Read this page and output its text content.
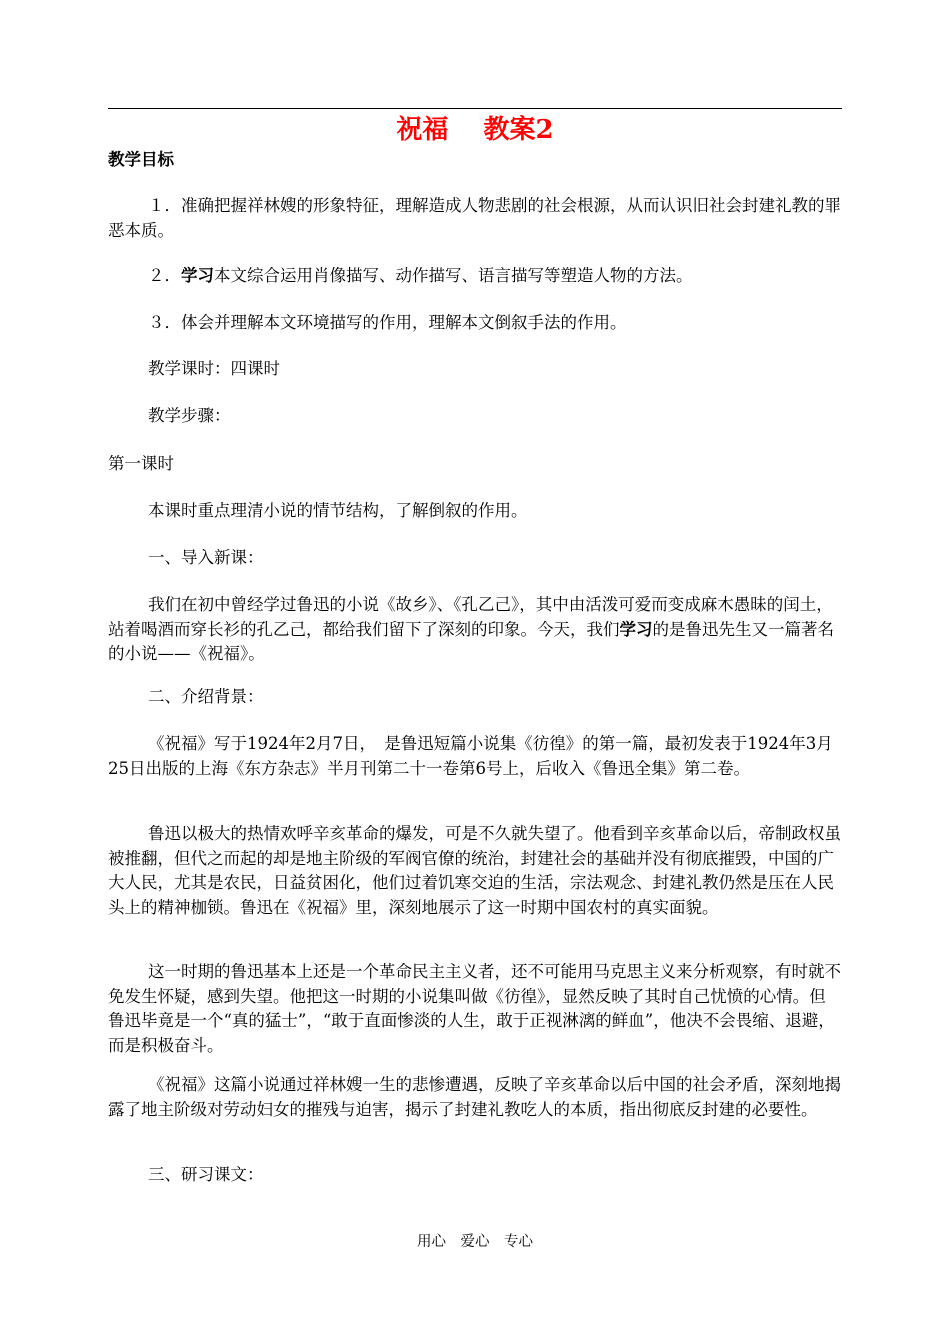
祝福　 教案2
教学目标
１．准确把握祥林嫂的形象特征，理解造成人物悲剧的社会根源，从而认识旧社会封建礼教的罪恶本质。
２．学习本文综合运用肖像描写、动作描写、语言描写等塑造人物的方法。
３．体会并理解本文环境描写的作用，理解本文倒叙手法的作用。
教学课时：四课时
教学步骤：
第一课时
本课时重点理清小说的情节结构，了解倒叙的作用。
一、导入新课：
我们在初中曾经学过鲁迅的小说《故乡》、《孔乙己》，其中由活泼可爱而变成麻木愚昧的闰土，站着喝酒而穿长衫的孔乙己，都给我们留下了深刻的印象。今天，我们学习的是鲁迅先生又一篇著名的小说——《祝福》。
二、介绍背景：
《祝福》写于1924年2月7日，　是鲁迅短篇小说集《彷徨》的第一篇，最初发表于1924年3月25日出版的上海《东方杂志》半月刊第二十一卷第6号上，后收入《鲁迅全集》第二卷。
鲁迅以极大的热情欢呼辛亥革命的爆发，可是不久就失望了。他看到辛亥革命以后，帝制政权虽被推翻，但代之而起的却是地主阶级的军阀官僚的统治，封建社会的基础并没有彻底摧毁，中国的广大人民，尤其是农民，日益贫困化，他们过着饥寒交迫的生活，宗法观念、封建礼教仍然是压在人民头上的精神枷锁。鲁迅在《祝福》里，深刻地展示了这一时期中国农村的真实面貌。
这一时期的鲁迅基本上还是一个革命民主主义者，还不可能用马克思主义来分析观察，有时就不免发生怀疑，感到失望。他把这一时期的小说集叫做《彷徨》，显然反映了其时自己忧愤的心情。但鲁迅毕竟是一个“真的猛士”，“敢于直面惨淡的人生，敢于正视淋漓的鲜血”，他决不会畏缩、退避，而是积极奋斗。
《祝福》这篇小说通过祥林嫂一生的悲惨遭遇，反映了辛亥革命以后中国的社会矛盾，深刻地揭露了地主阶级对劳动妇女的摧残与迫害，揭示了封建礼教吃人的本质，指出彻底反封建的必要性。
三、研习课文：
用心　爱心　专心
